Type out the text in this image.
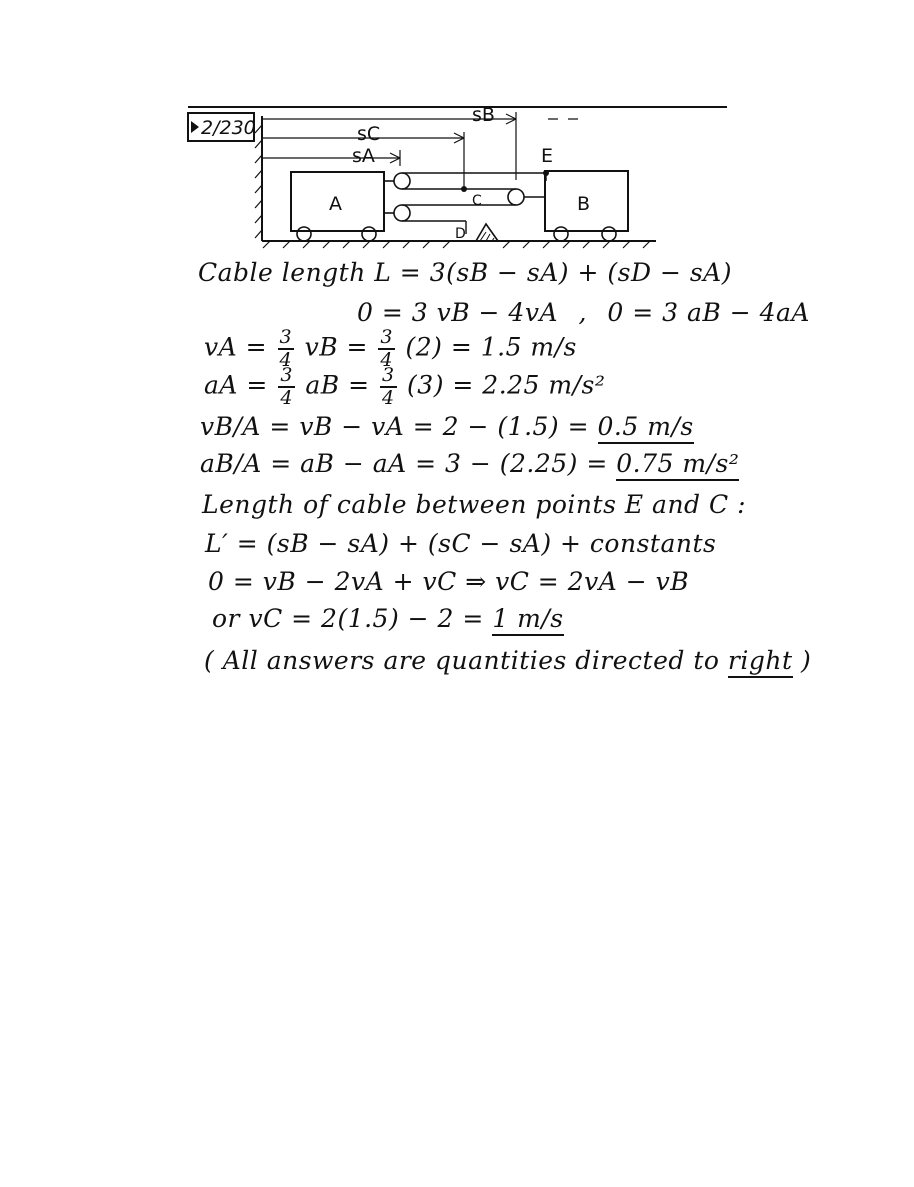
2/230
sB
sC
sA
A	C
E
D
B
Cable length L = 3(sB − sA) + (sD − sA)
0 = 3 vB − 4vA , 0 = 3 aB − 4aA
vA = $\frac{3}{4}$ vB = $\frac{3}{4} (2) = 1.5$ m/s
aA = $\frac{3}{4}$ aB = $\frac{3}{4} (3) = 2.25$ m/s²
vB/A = vB − vA = 2 − (1.5) = 0.5 m/s
aB/A = aB − aA = 3 − (2.25) = 0.75 m/s²
Length of cable between points E and C :
L′ = (sB − sA) + (sC − sA) + constants
0 = vB − 2vA + vC ⇒ vC = 2vA − vB
or vC = 2(1.5) − 2 = 1 m/s
( All answers are quantities directed to right )
